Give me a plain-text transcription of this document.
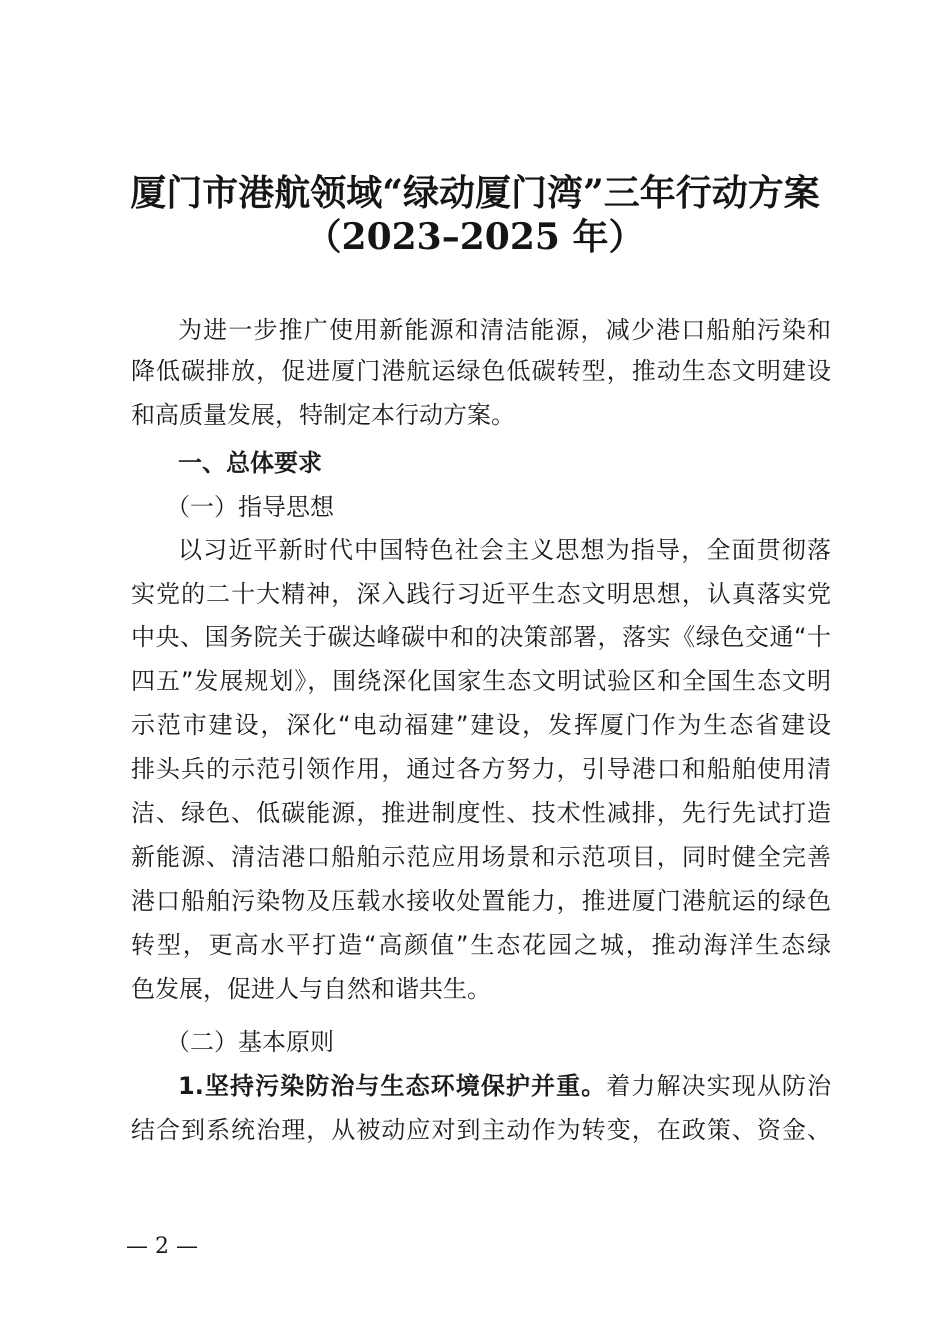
厦门市港航领域“绿动厦门湾”三年行动方案
（2023–2025 年）
为进一步推广使用新能源和清洁能源，减少港口船舶污染和
降低碳排放，促进厦门港航运绿色低碳转型，推动生态文明建设
和高质量发展，特制定本行动方案。
一、总体要求
（一）指导思想
以习近平新时代中国特色社会主义思想为指导，全面贯彻落
实党的二十大精神，深入践行习近平生态文明思想，认真落实党
中央、国务院关于碳达峰碳中和的决策部署，落实《绿色交通“十
四五”发展规划》，围绕深化国家生态文明试验区和全国生态文明
示范市建设，深化“电动福建”建设，发挥厦门作为生态省建设
排头兵的示范引领作用，通过各方努力，引导港口和船舶使用清
洁、绿色、低碳能源，推进制度性、技术性减排，先行先试打造
新能源、清洁港口船舶示范应用场景和示范项目，同时健全完善
港口船舶污染物及压载水接收处置能力，推进厦门港航运的绿色
转型，更高水平打造“高颜值”生态花园之城，推动海洋生态绿
色发展，促进人与自然和谐共生。
（二）基本原则
1.坚持污染防治与生态环境保护并重。着力解决实现从防治
结合到系统治理，从被动应对到主动作为转变，在政策、资金、
— 2 —
